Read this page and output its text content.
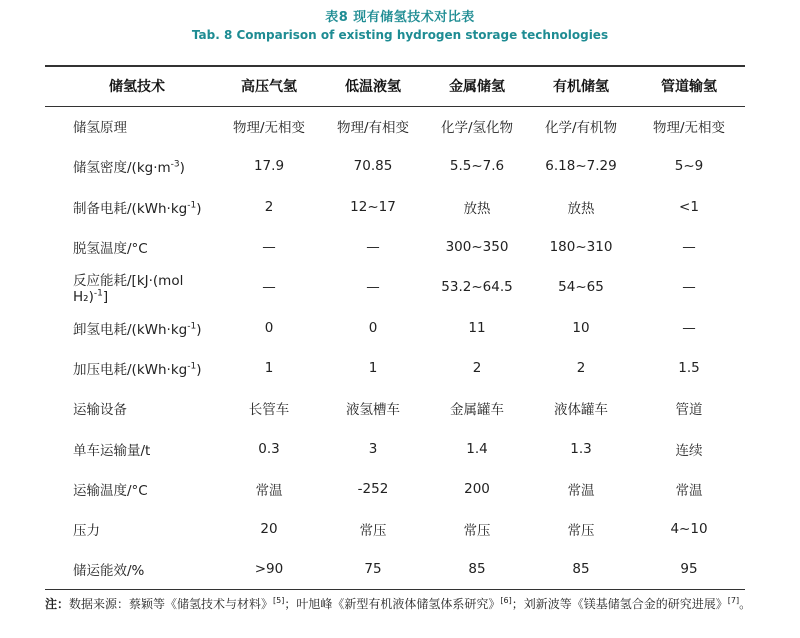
表8 现有储氢技术对比表
Tab. 8 Comparison of existing hydrogen storage technologies
储氢技术	高压气氢	低温液氢	金属储氢	有机储氢	管道输氢
储氢原理	物理/无相变	物理/有相变	化学/氢化物	化学/有机物	物理/无相变
储氢密度$/(kg\cdot m^{-3})$	17.9	70.85	5.5~7.6	6.18~7.29	5~9
制备电耗$/(kWh\cdot kg^{-1})$	2	12~17	放热	放热	<1
脱氢温度/°C	—	—	300~350	180~310	—
反应能耗/[kJ·(mol H₂)$^{-1}$]	—	—	53.2~64.5	54~65	—
卸氢电耗$/(kWh\cdot kg^{-1})$	0	0	11	10	—
加压电耗$/(kWh\cdot kg^{-1})$	1	1	2	2	1.5
运输设备	长管车	液氢槽车	金属罐车	液体罐车	管道
单车运输量/t	0.3	3	1.4	1.3	连续
运输温度/°C	常温	-252	200	常温	常温
压力	20	常压	常压	常压	4~10
储运能效/%	>90	75	85	85	95
注：数据来源：蔡颖等《储氢技术与材料》[5]；叶旭峰《新型有机液体储氢体系研究》[6]；刘新波等《镁基储氢合金的研究进展》[7]。
